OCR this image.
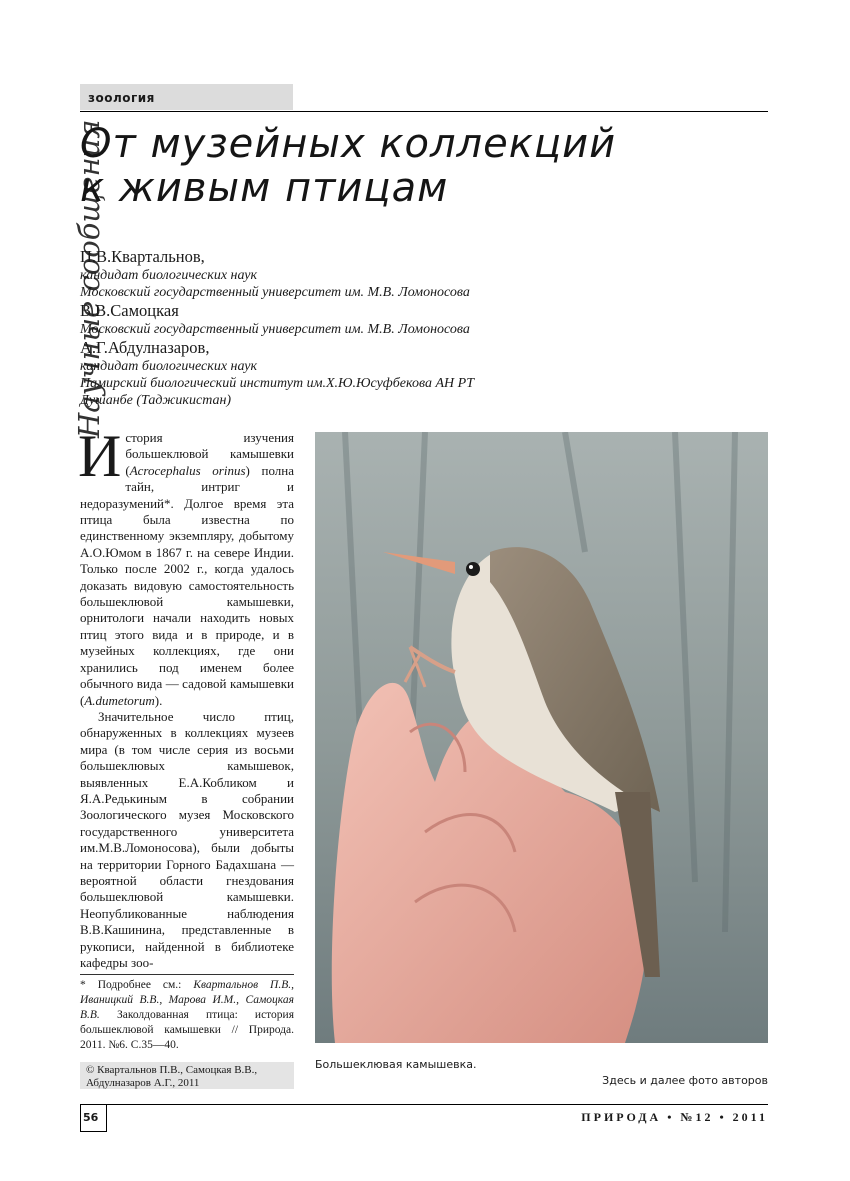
зоология
Научные сообщения
От музейных коллекций
к живым птицам
П.В.Квартальнов,
кандидат биологических наук
Московский государственный университет им. М.В. Ломоносова
В.В.Самоцкая
Московский государственный университет им. М.В. Ломоносова
А.Г.Абдулназаров,
кандидат биологических наук
Памирский биологический институт им.Х.Ю.Юсуфбекова АН РТ
Душанбе (Таджикистан)

История изучения большеклювой камышевки (Acrocephalus orinus) полна тайн, интриг и недоразумений*. Долгое время эта птица была известна по единственному экземпляру, добытому А.О.Юмом в 1867 г. на севере Индии. Только после 2002 г., когда удалось доказать видовую самостоятельность большеклювой камышевки, орнитологи начали находить новых птиц этого вида и в природе, и в музейных коллекциях, где они хранились под именем более обычного вида — садовой камышевки (A.dumetorum).

Значительное число птиц, обнаруженных в коллекциях музеев мира (в том числе серия из восьми большеклювых камышевок, выявленных Е.А.Кобликом и Я.А.Редькиным в собрании Зоологического музея Московского государственного университета им.М.В.Ломоносова), были добыты на территории Горного Бадахшана — вероятной области гнездования большеклювой камышевки. Неопубликованные наблюдения В.В.Кашинина, представленные в рукописи, найденной в библиотеке кафедры зоо-

* Подробнее см.: Квартальнов П.В., Иваницкий В.В., Марова И.М., Самоцкая В.В. Заколдованная птица: история большеклювой камышевки // Природа. 2011. №6. С.35—40.
© Квартальнов П.В., Самоцкая В.В., Абдулназаров А.Г., 2011
Большеклювая камышевка.
Здесь и далее фото авторов
56	ПРИРОДА • №12 • 2011
